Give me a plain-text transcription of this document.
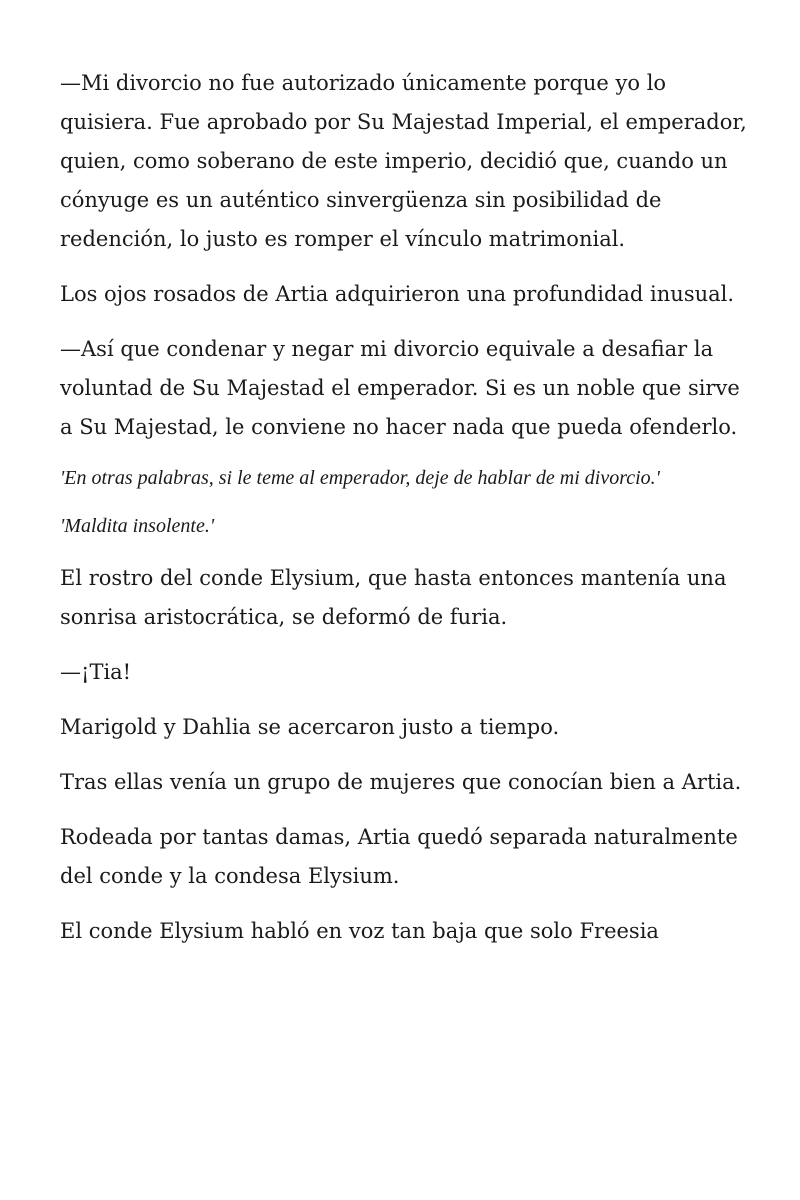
—Mi divorcio no fue autorizado únicamente porque yo lo quisiera. Fue aprobado por Su Majestad Imperial, el emperador, quien, como soberano de este imperio, decidió que, cuando un cónyuge es un auténtico sinvergüenza sin posibilidad de redención, lo justo es romper el vínculo matrimonial.

Los ojos rosados de Artia adquirieron una profundidad inusual.

—Así que condenar y negar mi divorcio equivale a desafiar la voluntad de Su Majestad el emperador. Si es un noble que sirve a Su Majestad, le conviene no hacer nada que pueda ofenderlo.

'En otras palabras, si le teme al emperador, deje de hablar de mi divorcio.'

'Maldita insolente.'

El rostro del conde Elysium, que hasta entonces mantenía una sonrisa aristocrática, se deformó de furia.

—¡Tia!

Marigold y Dahlia se acercaron justo a tiempo.

Tras ellas venía un grupo de mujeres que conocían bien a Artia.

Rodeada por tantas damas, Artia quedó separada naturalmente del conde y la condesa Elysium.

El conde Elysium habló en voz tan baja que solo Freesia
